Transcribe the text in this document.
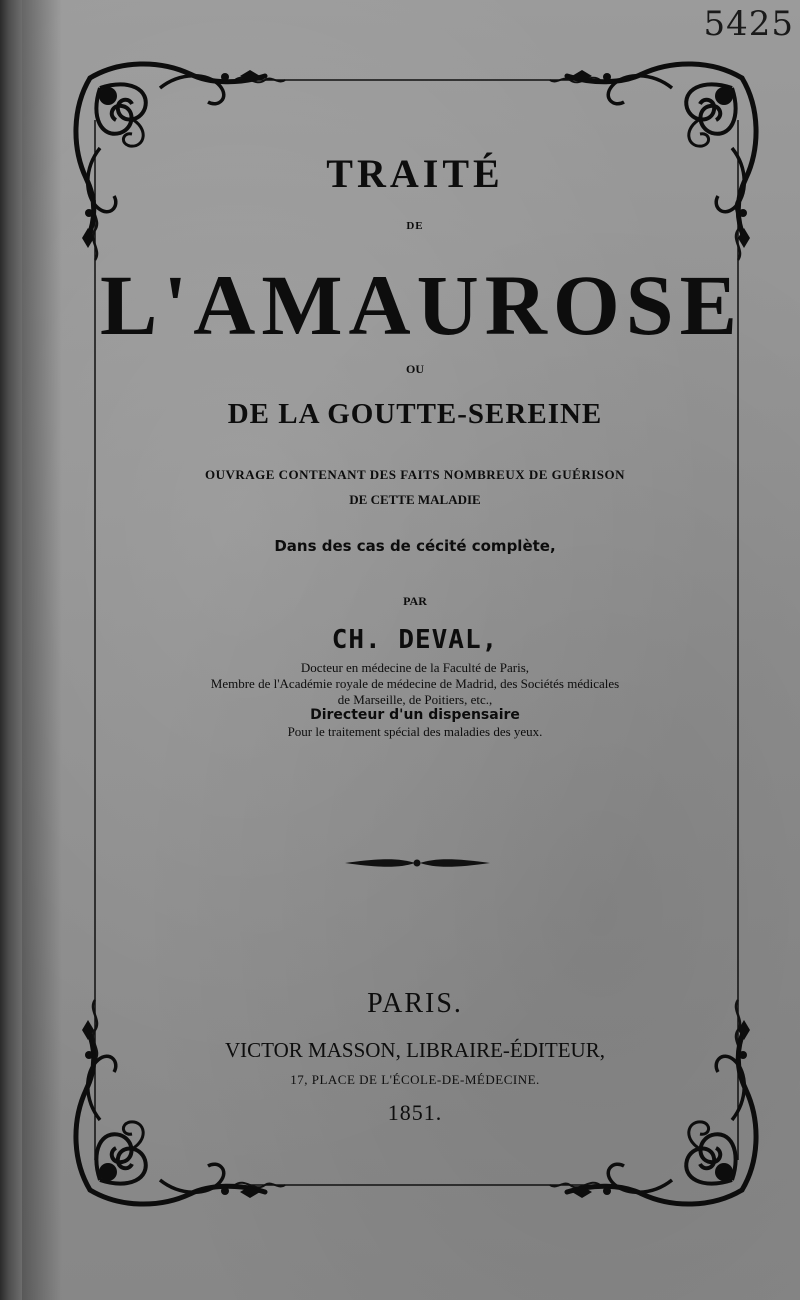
5425
TRAITÉ
DE
L'AMAUROSE
OU
DE LA GOUTTE-SEREINE
OUVRAGE CONTENANT DES FAITS NOMBREUX DE GUÉRISON
DE CETTE MALADIE
Dans des cas de cécité complète,
PAR
CH. DEVAL,
Docteur en médecine de la Faculté de Paris,
Membre de l'Académie royale de médecine de Madrid, des Sociétés médicales
de Marseille, de Poitiers, etc.,
Directeur d'un dispensaire
Pour le traitement spécial des maladies des yeux.
PARIS.
VICTOR MASSON, LIBRAIRE-ÉDITEUR,
17, PLACE DE L'ÉCOLE-DE-MÉDECINE.
1851.
